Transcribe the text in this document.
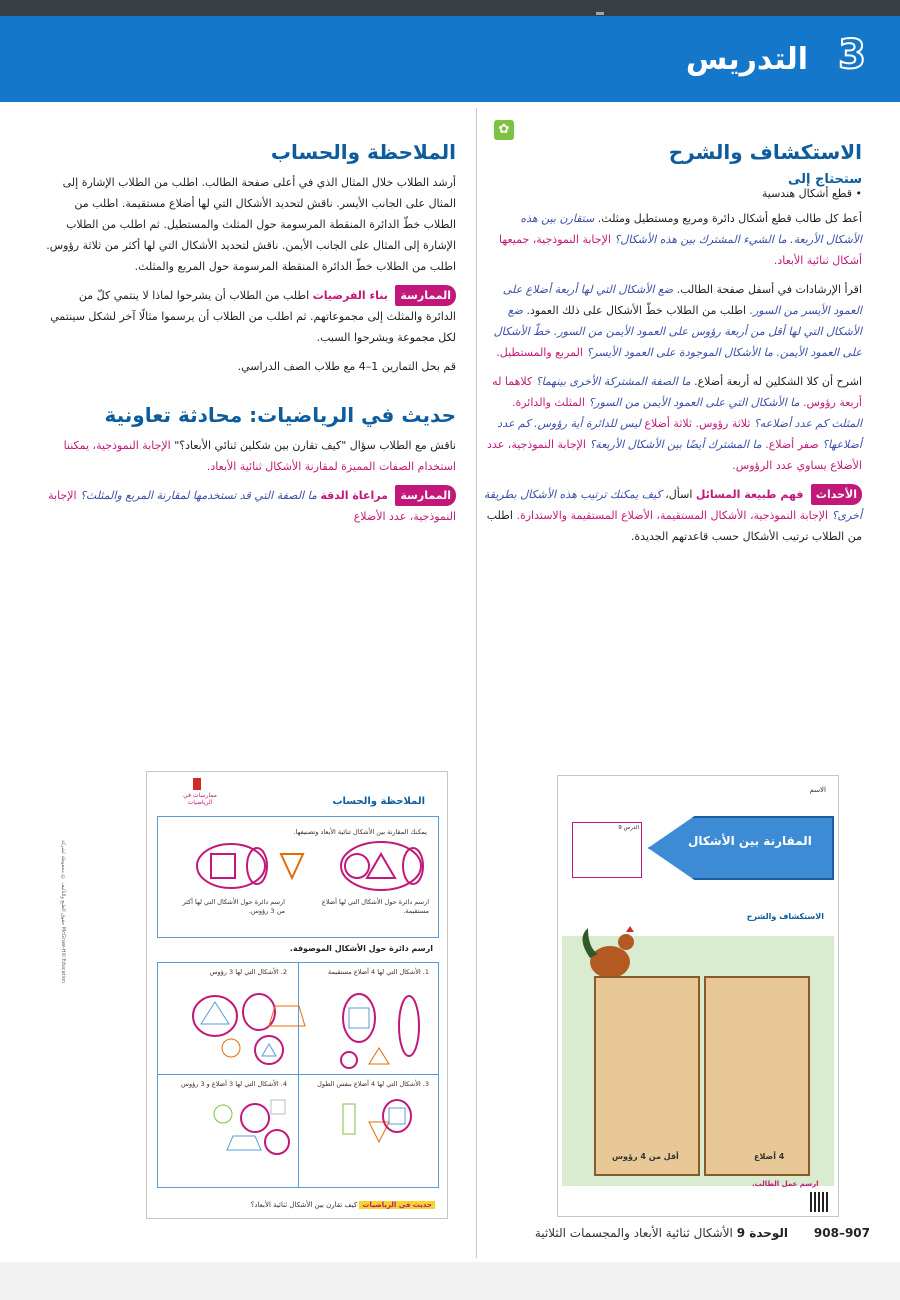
3
التدريس
✿
الاستكشاف والشرح
ستحتاج إلى
• قطع أشكال هندسية

أعط كل طالب قطع أشكال دائرة ومربع ومستطيل ومثلث. ستقارن بين هذه الأشكال الأربعة. ما الشيء المشترك بين هذه الأشكال؟ الإجابة النموذجية، جميعها أشكال ثنائية الأبعاد.

اقرأ الإرشادات في أسفل صفحة الطالب. ضع الأشكال التي لها أربعة أضلاع على العمود الأيسر من السور. اطلب من الطلاب خطّ الأشكال على ذلك العمود. ضع الأشكال التي لها أقل من أربعة رؤوس على العمود الأيمن من السور. خطّ الأشكال على العمود الأيمن. ما الأشكال الموجودة على العمود الأيسر؟ المربع والمستطيل.

اشرح أن كلا الشكلين له أربعة أضلاع. ما الصفة المشتركة الأخرى بينهما؟ كلاهما له أربعة رؤوس. ما الأشكال التي على العمود الأيمن من السور؟ المثلث والدائرة. المثلث كم عدد أضلاعه؟ ثلاثة رؤوس. ثلاثة أضلاع ليس للدائرة أية رؤوس. كم عدد أضلاعها؟ صفر أضلاع. ما المشترك أيضًا بين الأشكال الأربعة؟ الإجابة النموذجية، عدد الأضلاع يساوي عدد الرؤوس.

الأحداث فهم طبيعة المسائل اسأل، كيف يمكنك ترتيب هذه الأشكال بطريقة أخرى؟ الإجابة النموذجية، الأشكال المستقيمة، الأضلاع المستقيمة والاستدارة. اطلب من الطلاب ترتيب الأشكال حسب قاعدتهم الجديدة.

الملاحظة والحساب

أرشد الطلاب خلال المثال الذي في أعلى صفحة الطالب. اطلب من الطلاب الإشارة إلى المثال على الجانب الأيسر. ناقش لتحديد الأشكال التي لها أضلاع مستقيمة. اطلب من الطلاب خطّ الدائرة المنقطة المرسومة حول المثلث والمستطيل. ثم اطلب من الطلاب الإشارة إلى المثال على الجانب الأيمن. ناقش لتحديد الأشكال التي لها أكثر من ثلاثة رؤوس. اطلب من الطلاب خطّ الدائرة المنقطة المرسومة حول المربع والمثلث.

الممارسة بناء الفرضيات اطلب من الطلاب أن يشرحوا لماذا لا ينتمي كلّ من الدائرة والمثلث إلى مجموعاتهم. ثم اطلب من الطلاب أن يرسموا مثالًا آخر لشكل سينتمي لكل مجموعة ويشرحوا السبب.

قم بحل التمارين 1–4 مع طلاب الصف الدراسي.

حديث في الرياضيات: محادثة تعاونية

ناقش مع الطلاب سؤال "كيف تقارن بين شكلين ثنائي الأبعاد؟" الإجابة النموذجية، يمكننا استخدام الصفات المميزة لمقارنة الأشكال ثنائية الأبعاد.

الممارسة مراعاة الدقة ما الصفة التي قد تستخدمها لمقارنة المربع والمثلث؟ الإجابة النموذجية، عدد الأضلاع

ممارسات في الرياضيات	الملاحظة والحساب
يمكنك المقارنة بين الأشكال ثنائية الأبعاد وتصنيفها.
ارسم دائرة حول الأشكال التي لها أضلاع مستقيمة.
ارسم دائرة حول الأشكال التي لها أكثر من 3 رؤوس.
ارسم دائرة حول الأشكال الموصوفة.
1. الأشكال التي لها 4 أضلاع مستقيمة
2. الأشكال التي لها 3 رؤوس
3. الأشكال التي لها 4 أضلاع بنفس الطول
4. الأشكال التي لها 3 أضلاع و 3 رؤوس
حديث في الرياضيات كيف تقارن بين الأشكال ثنائية الأبعاد؟
الاسم
المقارنة بين الأشكال
الدرس 9
الاستكشاف والشرح
أقل من 4 رؤوس	4 أضلاع
ارسم عمل الطالب.
حقوق الطبع والتأليف © محفوظة لشركة McGraw-Hill Education
907–908 الوحدة 9 الأشكال ثنائية الأبعاد والمجسمات الثلاثية
